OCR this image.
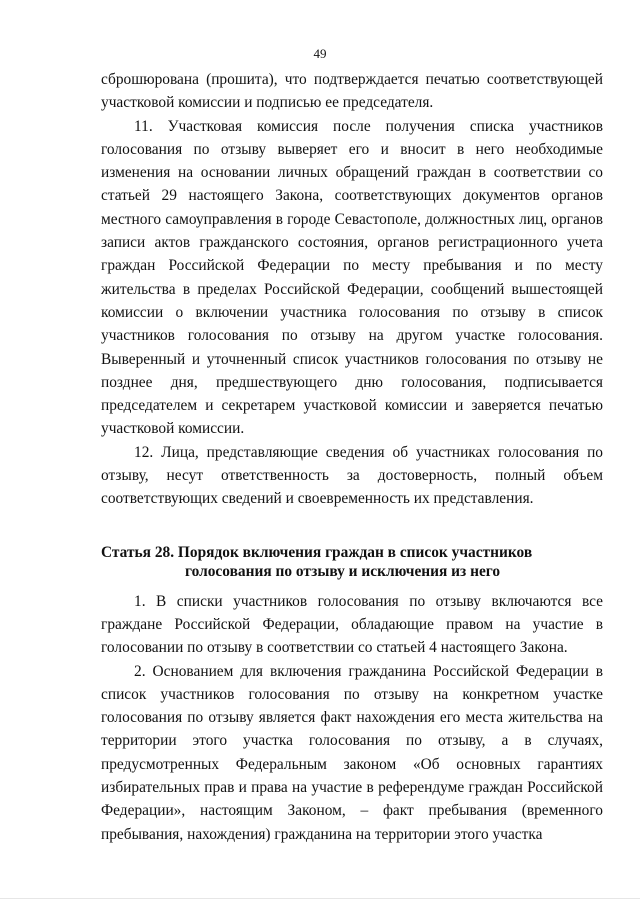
49

сброшюрована (прошита), что подтверждается печатью соответствующей участковой комиссии и подписью ее председателя.

11. Участковая комиссия после получения списка участников голосования по отзыву выверяет его и вносит в него необходимые изменения на основании личных обращений граждан в соответствии со статьей 29 настоящего Закона, соответствующих документов органов местного самоуправления в городе Севастополе, должностных лиц, органов записи актов гражданского состояния, органов регистрационного учета граждан Российской Федерации по месту пребывания и по месту жительства в пределах Российской Федерации, сообщений вышестоящей комиссии о включении участника голосования по отзыву в список участников голосования по отзыву на другом участке голосования. Выверенный и уточненный список участников голосования по отзыву не позднее дня, предшествующего дню голосования, подписывается председателем и секретарем участковой комиссии и заверяется печатью участковой комиссии.

12. Лица, представляющие сведения об участниках голосования по отзыву, несут ответственность за достоверность, полный объем соответствующих сведений и своевременность их представления.

Статья 28. Порядок включения граждан в список участников
голосования по отзыву и исключения из него

1. В списки участников голосования по отзыву включаются все граждане Российской Федерации, обладающие правом на участие в голосовании по отзыву в соответствии со статьей 4 настоящего Закона.

2. Основанием для включения гражданина Российской Федерации в список участников голосования по отзыву на конкретном участке голосования по отзыву является факт нахождения его места жительства на территории этого участка голосования по отзыву, а в случаях, предусмотренных Федеральным законом «Об основных гарантиях избирательных прав и права на участие в референдуме граждан Российской Федерации», настоящим Законом, – факт пребывания (временного пребывания, нахождения) гражданина на территории этого участка
